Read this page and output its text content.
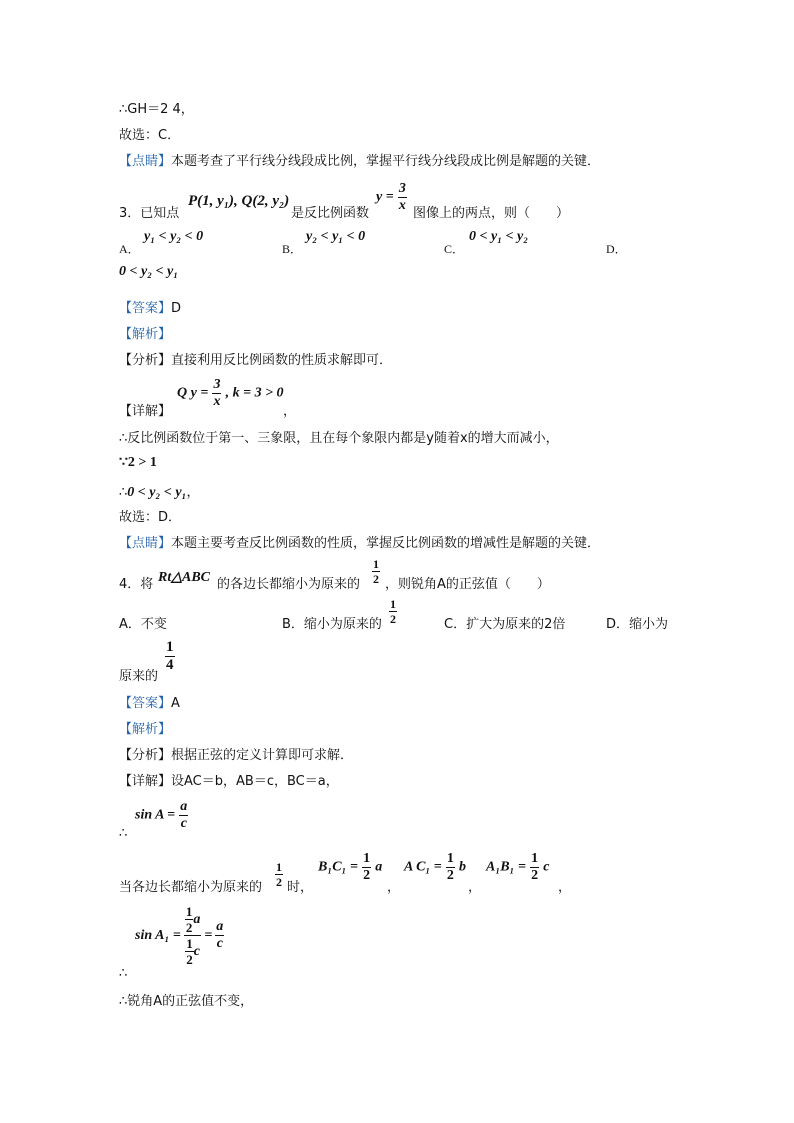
∴GH＝2 4，
故选：C．
【点睛】本题考查了平行线分线段成比例，掌握平行线分线段成比例是解题的关键．
3．已知点
P(1, y₁), Q(2, y₂)
是反比例函数
$y = \frac{3}{x}$
图像上的两点，则（　　）
A．
y₁ < y₂ < 0
B．
y₂ < y₁ < 0
C．
0 < y₁ < y₂
D．
0 < y₂ < y₁
【答案】D
【解析】
【分析】直接利用反比例函数的性质求解即可．
【详解】
Q $y = \frac{3}{x}$ , k = 3 > 0
，
∴反比例函数位于第一、三象限，且在每个象限内都是y随着x的增大而减小，
∵2 > 1
∴0 < y₂ < y₁，
故选：D．
【点睛】本题主要考查反比例函数的性质，掌握反比例函数的增减性是解题的关键．
4．将 Rt△ABC 的各边长都缩小为原来的 $\frac{1}{2}$ ，则锐角A的正弦值（　　）
A．不变	B．缩小为原来的 $\frac{1}{2}$	C．扩大为原来的2倍	D．缩小为
原来的
$\frac{1}{4}$
【答案】A
【解析】
【分析】根据正弦的定义计算即可求解．
【详解】设AC＝b，AB＝c，BC＝a，
$\sin A = \frac{a}{c}$
∴
当各边长都缩小为原来的 $\frac{1}{2}$ 时，
$B_1C_1 = \frac{1}{2}$ a
，
A $C_1 = \frac{1}{2}$ b
，
$A_1B_1 = \frac{1}{2}$ c
，
$\sin A_1 = \frac{\frac{1}{2} a}{\frac{1}{2} c} = \frac{a}{c}$
∴
∴锐角A的正弦值不变，
